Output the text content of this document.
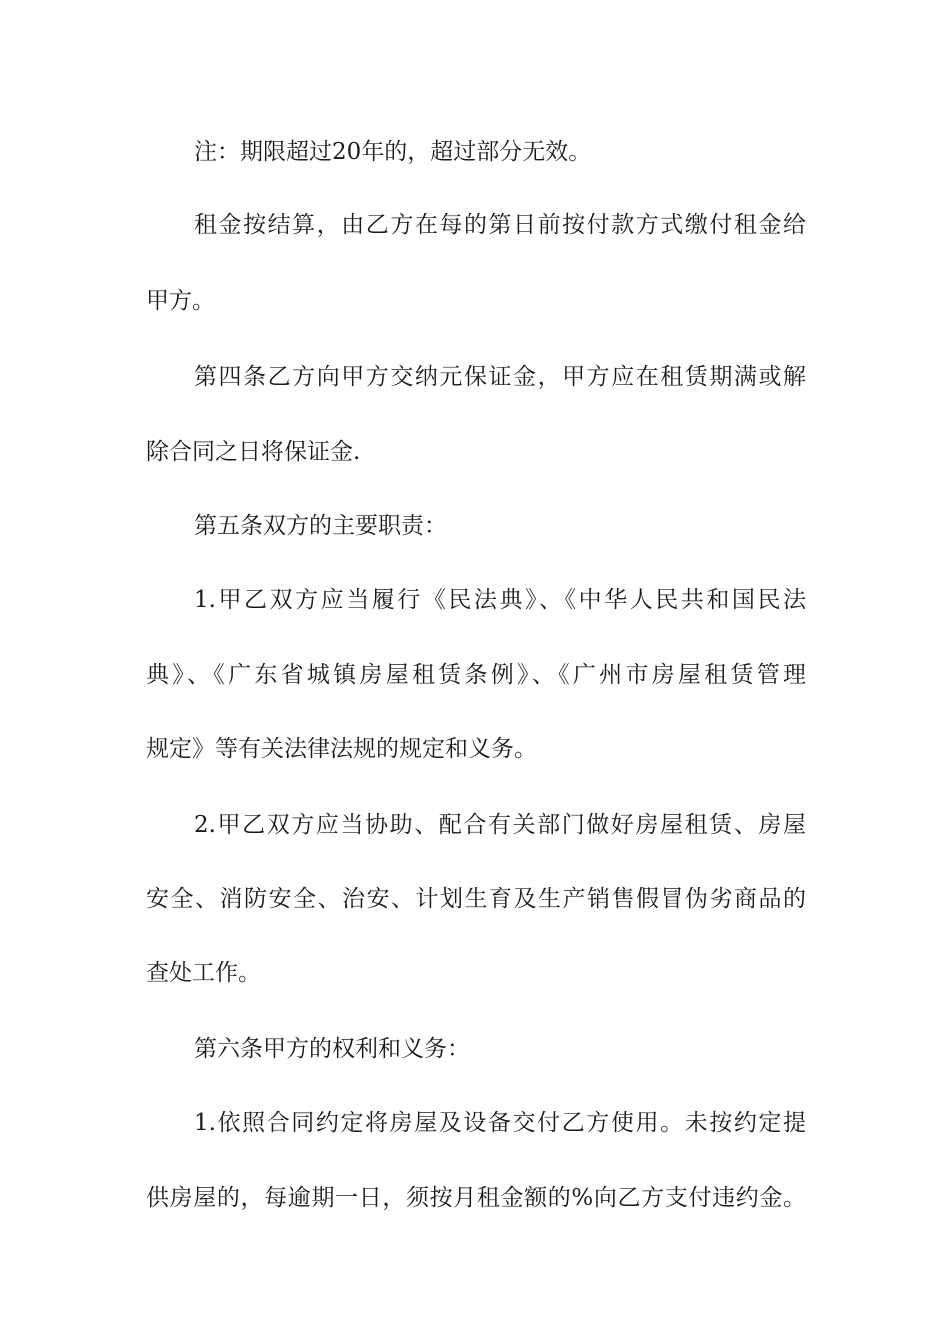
注：期限超过20年的，超过部分无效。
租金按结算，由乙方在每的第日前按付款方式缴付租金给
甲方。
第四条乙方向甲方交纳元保证金，甲方应在租赁期满或解
除合同之日将保证金.
第五条双方的主要职责：
1.甲乙双方应当履行《民法典》、《中华人民共和国民法
典》、《广东省城镇房屋租赁条例》、《广州市房屋租赁管理
规定》等有关法律法规的规定和义务。
2.甲乙双方应当协助、配合有关部门做好房屋租赁、房屋
安全、消防安全、治安、计划生育及生产销售假冒伪劣商品的
查处工作。
第六条甲方的权利和义务：
1.依照合同约定将房屋及设备交付乙方使用。未按约定提
供房屋的，每逾期一日，须按月租金额的%向乙方支付违约金。
